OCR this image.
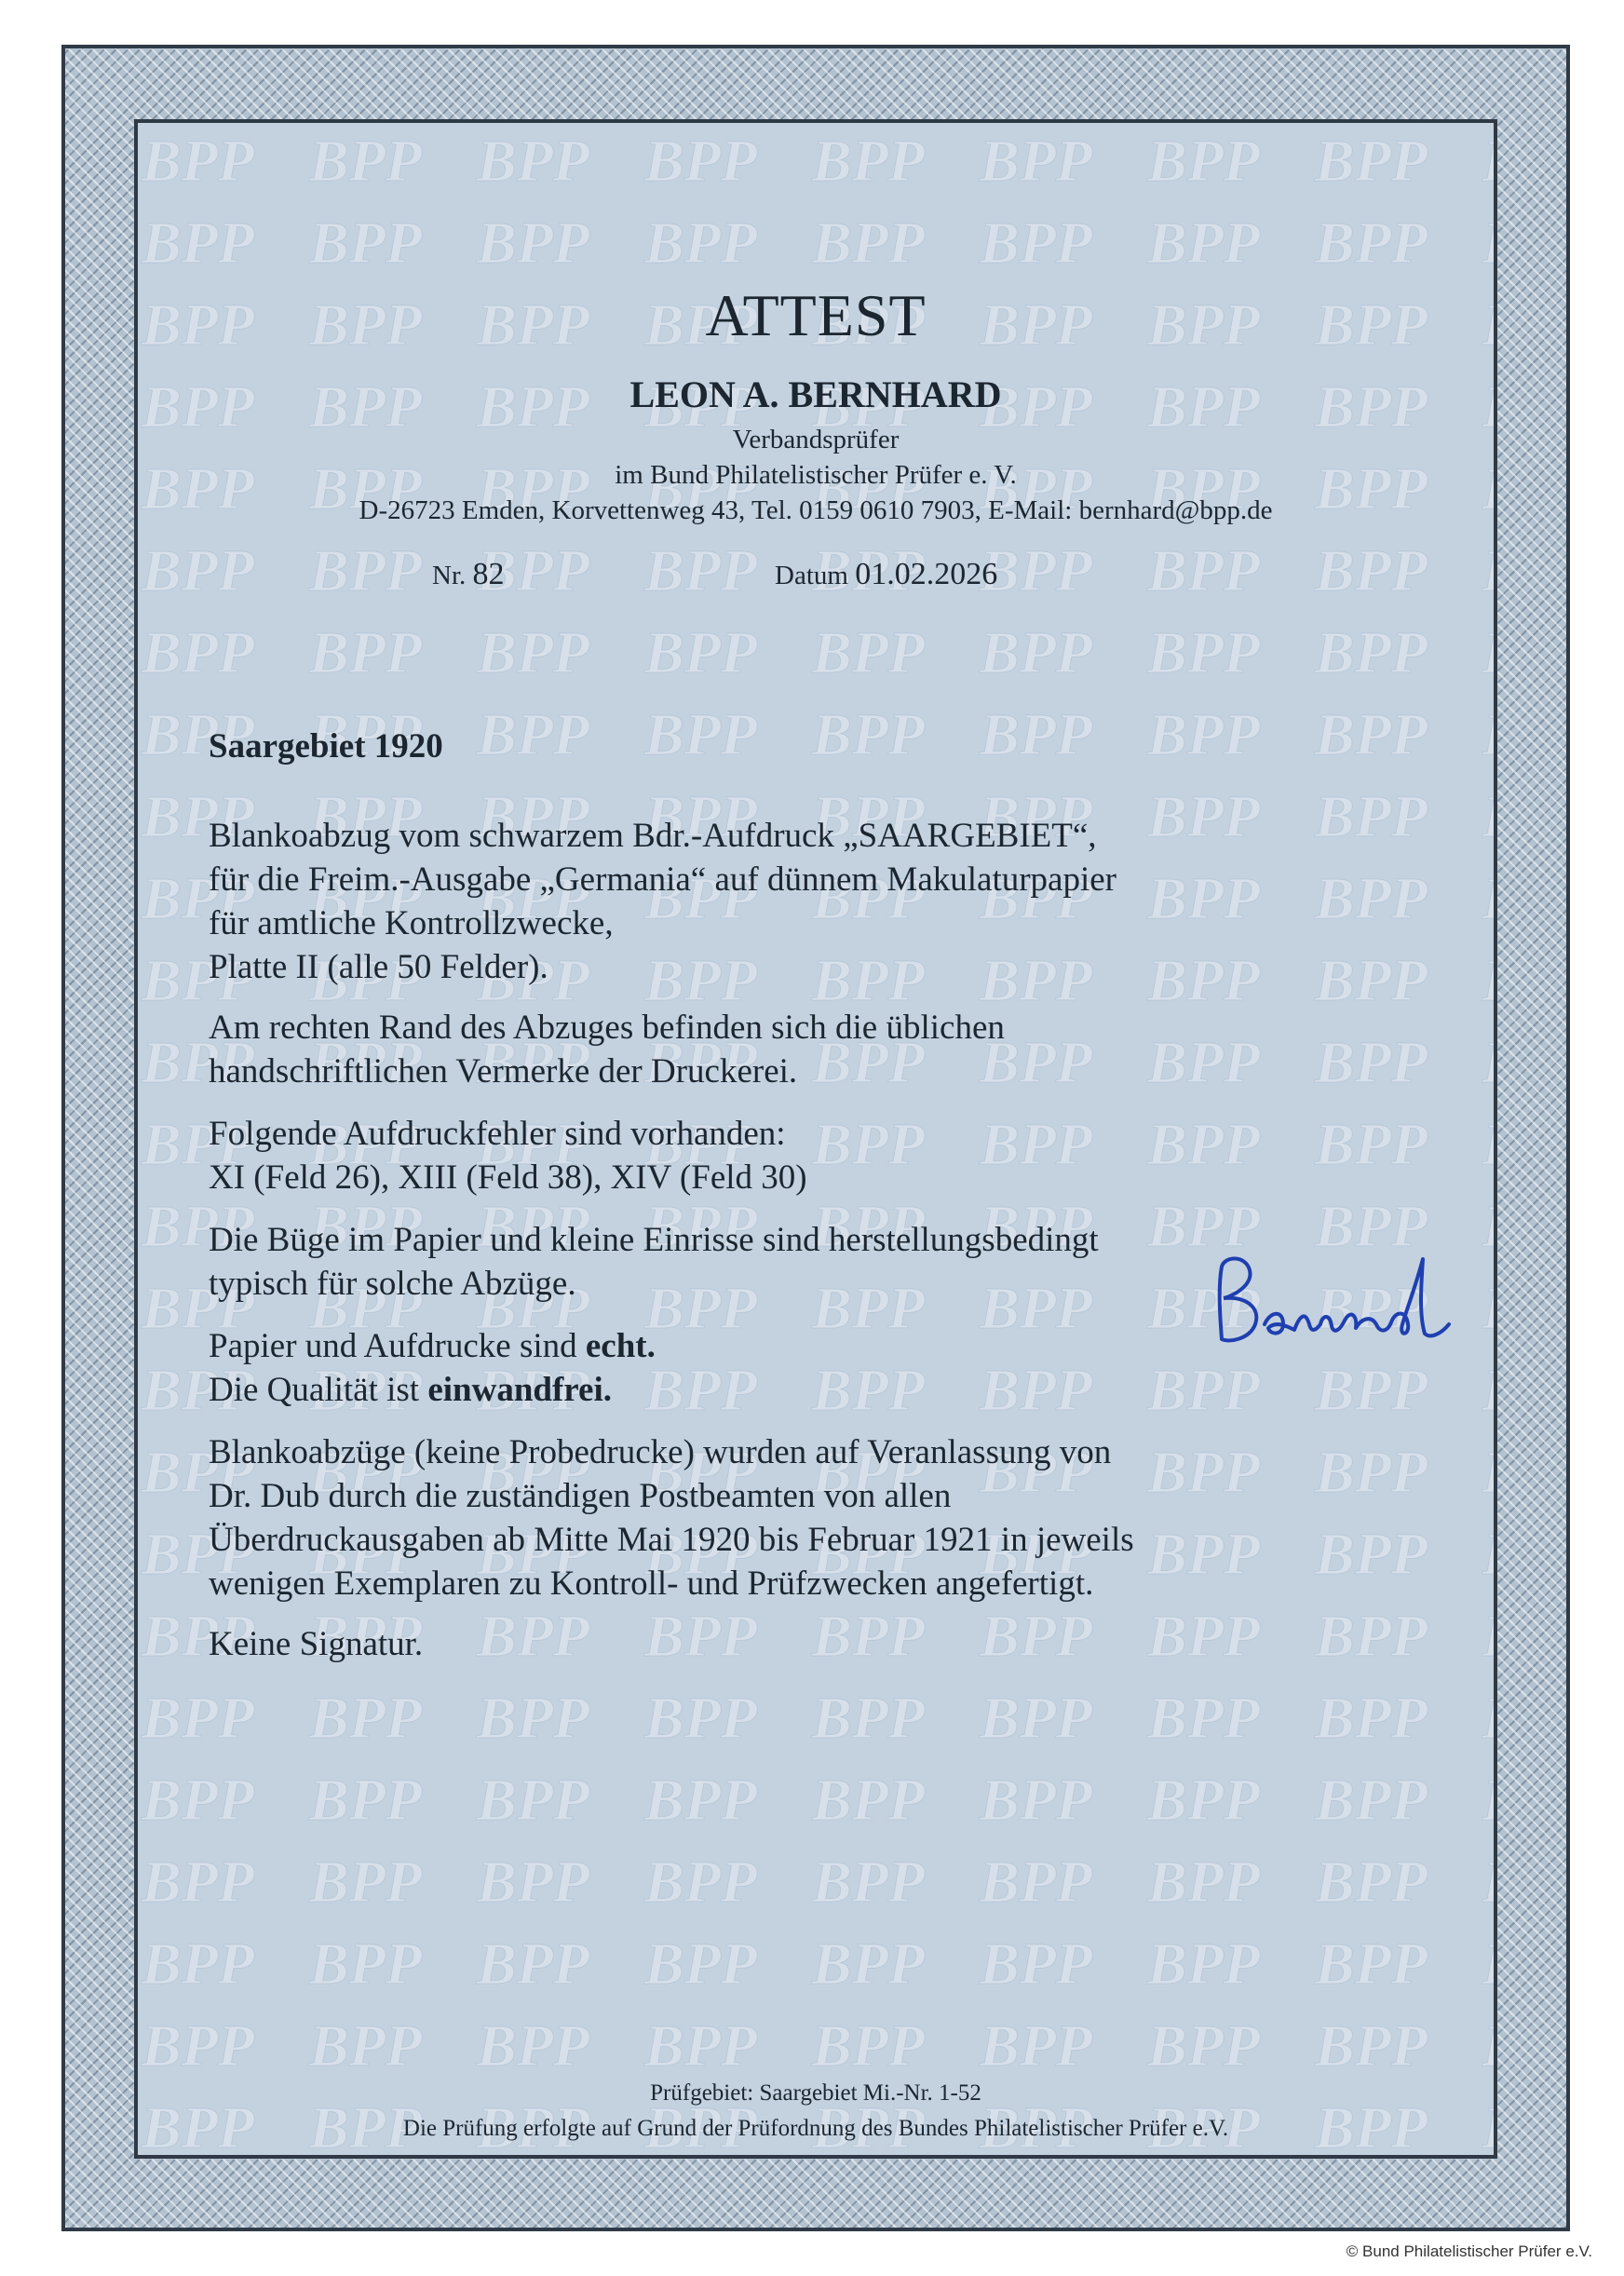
ATTEST
LEON A. BERNHARD
Verbandsprüfer
im Bund Philatelistischer Prüfer e. V.
D-26723 Emden, Korvettenweg 43, Tel. 0159 0610 7903, E-Mail: bernhard@bpp.de
Nr. 82	Datum 01.02.2026
Saargebiet 1920
Blankoabzug vom schwarzem Bdr.-Aufdruck „SAARGEBIET“,
für die Freim.-Ausgabe „Germania“ auf dünnem Makulaturpapier
für amtliche Kontrollzwecke,
Platte II (alle 50 Felder).
Am rechten Rand des Abzuges befinden sich die üblichen
handschriftlichen Vermerke der Druckerei.
Folgende Aufdruckfehler sind vorhanden:
XI (Feld 26), XIII (Feld 38), XIV (Feld 30)
Die Büge im Papier und kleine Einrisse sind herstellungsbedingt
typisch für solche Abzüge.
Papier und Aufdrucke sind echt.
Die Qualität ist einwandfrei.
Blankoabzüge (keine Probedrucke) wurden auf Veranlassung von
Dr. Dub durch die zuständigen Postbeamten von allen
Überdruckausgaben ab Mitte Mai 1920 bis Februar 1921 in jeweils
wenigen Exemplaren zu Kontroll- und Prüfzwecken angefertigt.
Keine Signatur.
Prüfgebiet: Saargebiet Mi.-Nr. 1-52
Die Prüfung erfolgte auf Grund der Prüfordnung des Bundes Philatelistischer Prüfer e.V.
© Bund Philatelistischer Prüfer e.V.
